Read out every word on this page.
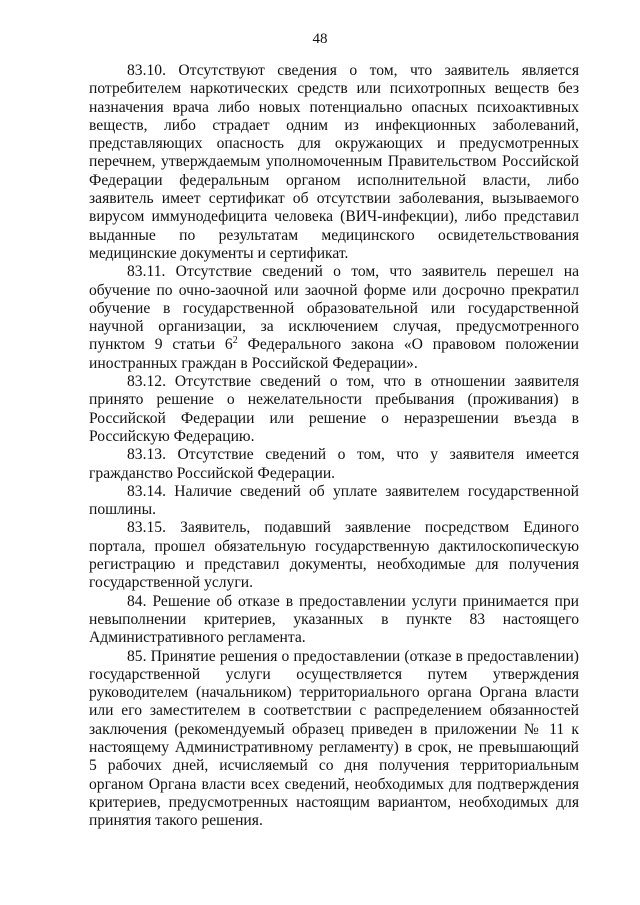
48

83.10. Отсутствуют сведения о том, что заявитель является потребителем наркотических средств или психотропных веществ без назначения врача либо новых потенциально опасных психоактивных веществ, либо страдает одним из инфекционных заболеваний, представляющих опасность для окружающих и предусмотренных перечнем, утверждаемым уполномоченным Правительством Российской Федерации федеральным органом исполнительной власти, либо заявитель имеет сертификат об отсутствии заболевания, вызываемого вирусом иммунодефицита человека (ВИЧ-инфекции), либо представил выданные по результатам медицинского освидетельствования медицинские документы и сертификат.

83.11. Отсутствие сведений о том, что заявитель перешел на обучение по очно-заочной или заочной форме или досрочно прекратил обучение в государственной образовательной или государственной научной организации, за исключением случая, предусмотренного пунктом 9 статьи $6^2$ Федерального закона «О правовом положении иностранных граждан в Российской Федерации».

83.12. Отсутствие сведений о том, что в отношении заявителя принято решение о нежелательности пребывания (проживания) в Российской Федерации или решение о неразрешении въезда в Российскую Федерацию.

83.13. Отсутствие сведений о том, что у заявителя имеется гражданство Российской Федерации.

83.14. Наличие сведений об уплате заявителем государственной пошлины.

83.15. Заявитель, подавший заявление посредством Единого портала, прошел обязательную государственную дактилоскопическую регистрацию и представил документы, необходимые для получения государственной услуги.

84. Решение об отказе в предоставлении услуги принимается при невыполнении критериев, указанных в пункте 83 настоящего Административного регламента.

85. Принятие решения о предоставлении (отказе в предоставлении) государственной услуги осуществляется путем утверждения руководителем (начальником) территориального органа Органа власти или его заместителем в соответствии с распределением обязанностей заключения (рекомендуемый образец приведен в приложении № 11 к настоящему Административному регламенту) в срок, не превышающий 5 рабочих дней, исчисляемый со дня получения территориальным органом Органа власти всех сведений, необходимых для подтверждения критериев, предусмотренных настоящим вариантом, необходимых для принятия такого решения.
